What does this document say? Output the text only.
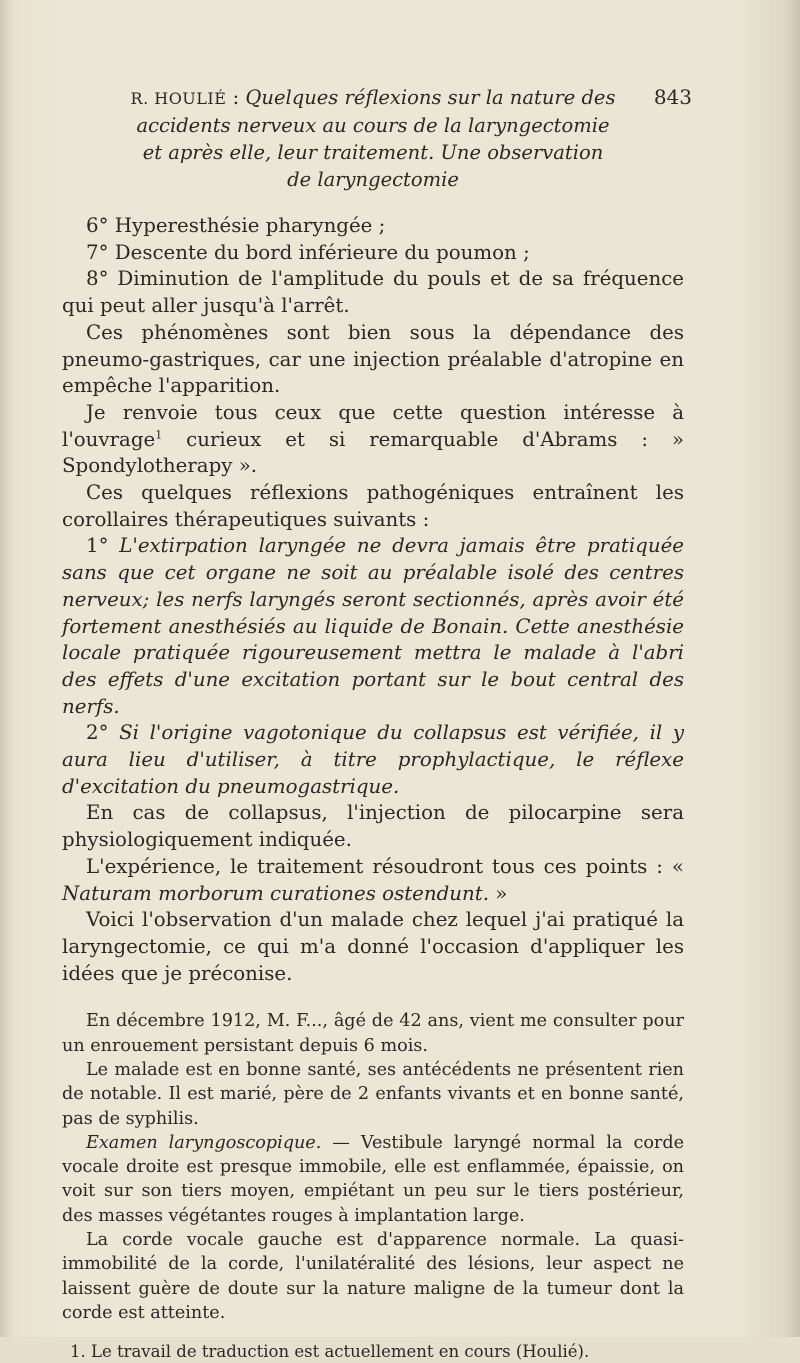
R. HOULIÉ : Quelques réflexions sur la nature des	843
accidents nerveux au cours de la laryngectomie
et après elle, leur traitement. Une observation
de laryngectomie

6° Hyperesthésie pharyngée ;

7° Descente du bord inférieure du poumon ;

8° Diminution de l'amplitude du pouls et de sa fréquence qui peut aller jusqu'à l'arrêt.

Ces phénomènes sont bien sous la dépendance des pneumo-gastriques, car une injection préalable d'atropine en empêche l'apparition.

Je renvoie tous ceux que cette question intéresse à l'ouvrage$^1$ curieux et si remarquable d'Abrams : » Spondylotherapy ».

Ces quelques réflexions pathogéniques entraînent les corollaires thérapeutiques suivants :

1° L'extirpation laryngée ne devra jamais être pratiquée sans que cet organe ne soit au préalable isolé des centres nerveux; les nerfs laryngés seront sectionnés, après avoir été fortement anesthésiés au liquide de Bonain. Cette anesthésie locale pratiquée rigoureusement mettra le malade à l'abri des effets d'une excitation portant sur le bout central des nerfs.

2° Si l'origine vagotonique du collapsus est vérifiée, il y aura lieu d'utiliser, à titre prophylactique, le réflexe d'excitation du pneumogastrique.

En cas de collapsus, l'injection de pilocarpine sera physiologiquement indiquée.

L'expérience, le traitement résoudront tous ces points : « Naturam morborum curationes ostendunt. »

Voici l'observation d'un malade chez lequel j'ai pratiqué la laryngectomie, ce qui m'a donné l'occasion d'appliquer les idées que je préconise.

En décembre 1912, M. F..., âgé de 42 ans, vient me consulter pour un enrouement persistant depuis 6 mois.

Le malade est en bonne santé, ses antécédents ne présentent rien de notable. Il est marié, père de 2 enfants vivants et en bonne santé, pas de syphilis.

Examen laryngoscopique. — Vestibule laryngé normal la corde vocale droite est presque immobile, elle est enflammée, épaissie, on voit sur son tiers moyen, empiétant un peu sur le tiers postérieur, des masses végétantes rouges à implantation large.

La corde vocale gauche est d'apparence normale. La quasi-immobilité de la corde, l'unilatéralité des lésions, leur aspect ne laissent guère de doute sur la nature maligne de la tumeur dont la corde est atteinte.

1. Le travail de traduction est actuellement en cours (Houlié).
